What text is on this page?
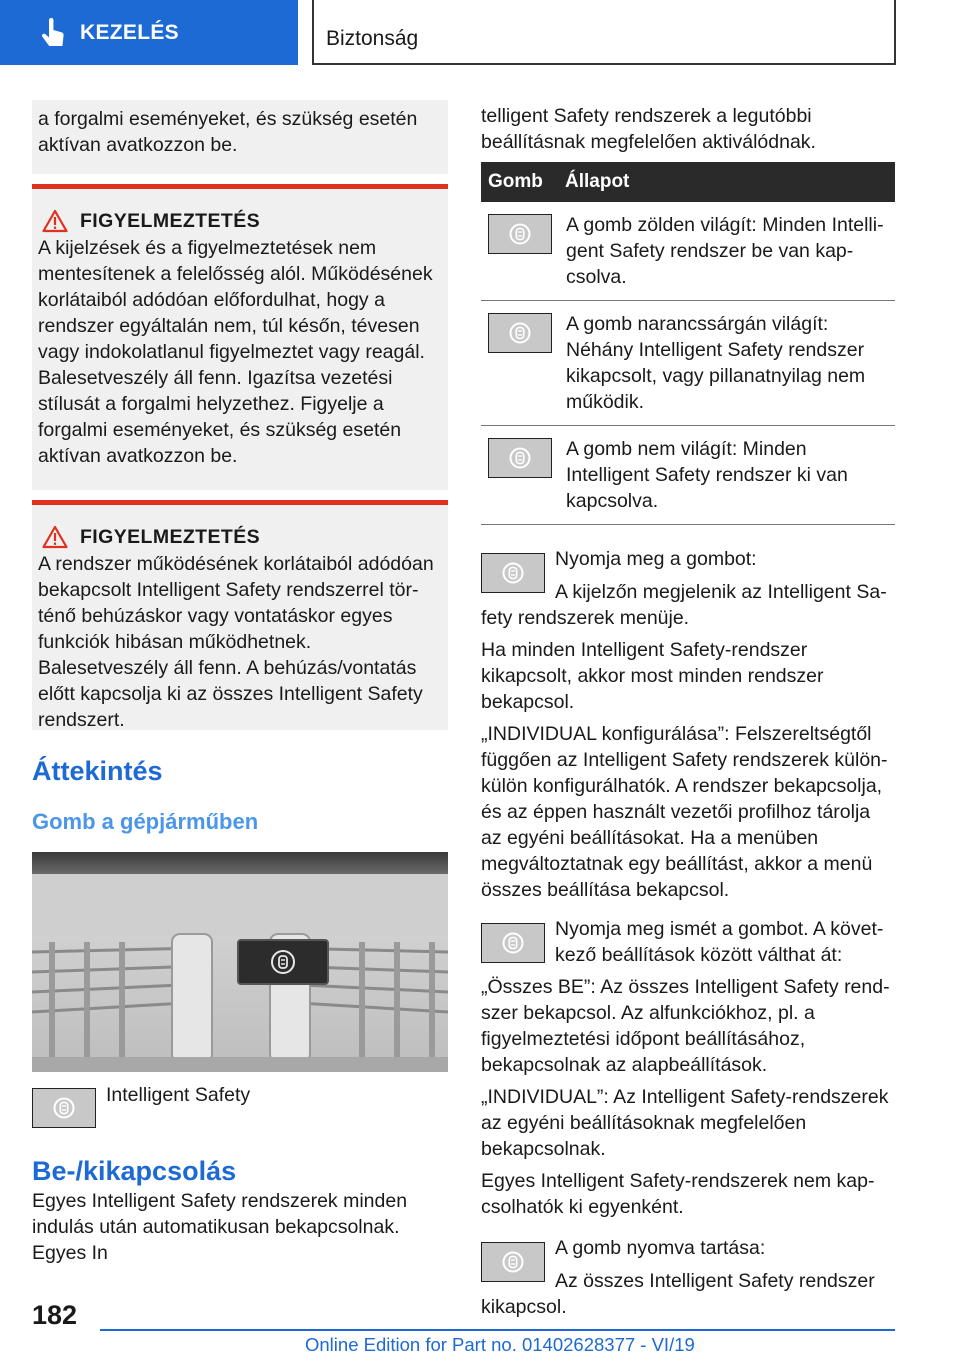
KEZELÉS	Biztonság

a forgalmi eseményeket, és szükség esetén aktívan avatkozzon be.

FIGYELMEZTETÉS

A kijelzések és a figyelmeztetések nem mentesítenek a felelősség alól. Működésének korlátaiból adódóan előfordulhat, hogy a rendszer egyáltalán nem, túl későn, tévesen vagy indokolatlanul figyelmeztet vagy reagál. Balesetveszély áll fenn. Igazítsa vezetési stílusát a forgalmi helyzethez. Figyelje a forgalmi eseményeket, és szükség esetén aktívan avatkozzon be.

FIGYELMEZTETÉS

A rendszer működésének korlátaiból adódóan bekapcsolt Intelligent Safety rendszerrel történő behúzáskor vagy vontatáskor egyes funkciók hibásan működhetnek. Balesetveszély áll fenn. A behúzás/vontatás előtt kapcsolja ki az összes Intelligent Safety rendszert.

Áttekintés
Gomb a gépjárműben
Intelligent Safety
Be-/kikapcsolás

Egyes Intelligent Safety rendszerek minden indulás után automatikusan bekapcsolnak. Egyes In

telligent Safety rendszerek a legutóbbi beállításnak megfelelően aktiválódnak.

Gomb	Állapot

	A gomb zölden világít: Minden Intelligent Safety rendszer be van kapcsolva.

	A gomb narancssárgán világít: Néhány Intelligent Safety rendszer kikapcsolt, vagy pillanatnyilag nem működik.

	A gomb nem világít: Minden Intelligent Safety rendszer ki van kapcsolva.
Nyomja meg a gombot:

A kijelzőn megjelenik az Intelligent Safety rendszerek menüje.

Ha minden Intelligent Safety-rendszer kikapcsolt, akkor most minden rendszer bekapcsol.

„INDIVIDUAL konfigurálása”: Felszereltségtől függően az Intelligent Safety rendszerek különkülön konfigurálhatók. A rendszer bekapcsolja, és az éppen használt vezetői profilhoz tárolja az egyéni beállításokat. Ha a menüben megváltoztatnak egy beállítást, akkor a menü összes beállítása bekapcsol.

Nyomja meg ismét a gombot. A következő beállítások között válthat át:

„Összes BE”: Az összes Intelligent Safety rendszer bekapcsol. Az alfunkciókhoz, pl. a figyelmeztetési időpont beállításához, bekapcsolnak az alapbeállítások.

„INDIVIDUAL”: Az Intelligent Safety-rendszerek az egyéni beállításoknak megfelelően bekapcsolnak.

Egyes Intelligent Safety-rendszerek nem kapcsolhatók ki egyenként.

A gomb nyomva tartása:

Az összes Intelligent Safety rendszer kikapcsol.

182
Online Edition for Part no. 01402628377 - VI/19
